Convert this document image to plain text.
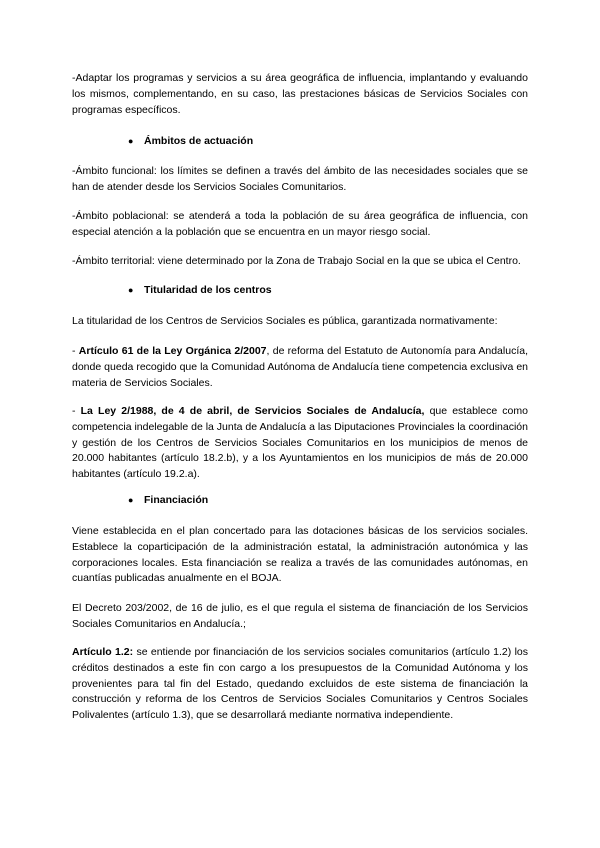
-Adaptar los programas y servicios a su área geográfica de influencia, implantando y evaluando los mismos, complementando, en su caso, las prestaciones básicas de Servicios Sociales con programas específicos.

● Ámbitos de actuación

-Ámbito funcional: los límites se definen a través del ámbito de las necesidades sociales que se han de atender desde los Servicios Sociales Comunitarios.

-Ámbito poblacional: se atenderá a toda la población de su área geográfica de influencia, con especial atención a la población que se encuentra en un mayor riesgo social.

-Ámbito territorial: viene determinado por la Zona de Trabajo Social en la que se ubica el Centro.

● Titularidad de los centros

La titularidad de los Centros de Servicios Sociales es pública, garantizada normativamente:

- Artículo 61 de la Ley Orgánica 2/2007, de reforma del Estatuto de Autonomía para Andalucía, donde queda recogido que la Comunidad Autónoma de Andalucía tiene competencia exclusiva en materia de Servicios Sociales.

- La Ley 2/1988, de 4 de abril, de Servicios Sociales de Andalucía, que establece como competencia indelegable de la Junta de Andalucía a las Diputaciones Provinciales la coordinación y gestión de los Centros de Servicios Sociales Comunitarios en los municipios de menos de 20.000 habitantes (artículo 18.2.b), y a los Ayuntamientos en los municipios de más de 20.000 habitantes (artículo 19.2.a).

● Financiación

Viene establecida en el plan concertado para las dotaciones básicas de los servicios sociales. Establece la coparticipación de la administración estatal, la administración autonómica y las corporaciones locales. Esta financiación se realiza a través de las comunidades autónomas, en cuantías publicadas anualmente en el BOJA.

El Decreto 203/2002, de 16 de julio, es el que regula el sistema de financiación de los Servicios Sociales Comunitarios en Andalucía.;

Artículo 1.2: se entiende por financiación de los servicios sociales comunitarios (artículo 1.2) los créditos destinados a este fin con cargo a los presupuestos de la Comunidad Autónoma y los provenientes para tal fin del Estado, quedando excluidos de este sistema de financiación la construcción y reforma de los Centros de Servicios Sociales Comunitarios y Centros Sociales Polivalentes (artículo 1.3), que se desarrollará mediante normativa independiente.
